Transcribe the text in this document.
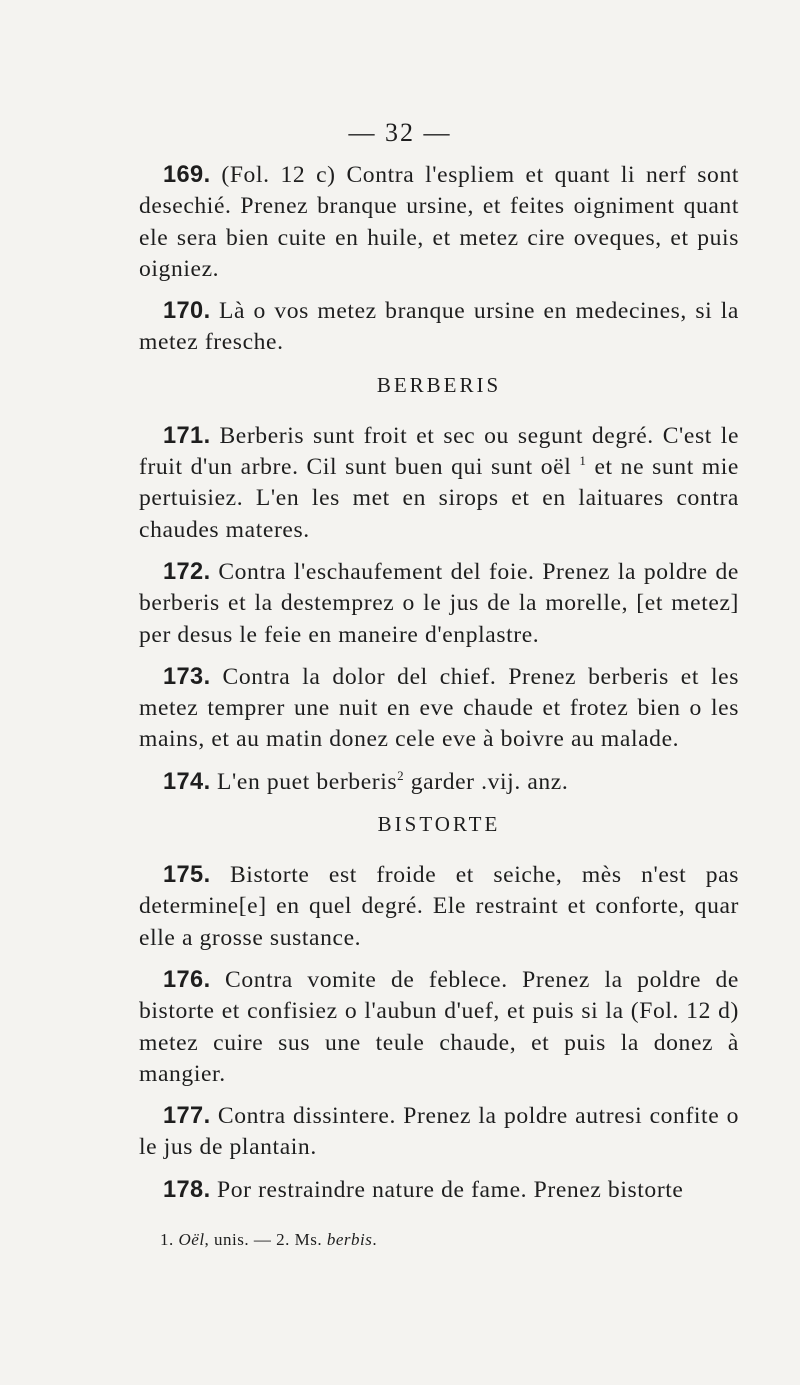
— 32 —

169. (Fol. 12 c) Contra l'espliem et quant li nerf sont desechié. Prenez branque ursine, et feites oigniment quant ele sera bien cuite en huile, et metez cire oveques, et puis oigniez.

170. Là o vos metez branque ursine en medecines, si la metez fresche.

BERBERIS

171. Berberis sunt froit et sec ou segunt degré. C'est le fruit d'un arbre. Cil sunt buen qui sunt oël $^1$ et ne sunt mie pertuisiez. L'en les met en sirops et en laituares contra chaudes materes.

172. Contra l'eschaufement del foie. Prenez la poldre de berberis et la destemprez o le jus de la morelle, [et metez] per desus le feie en maneire d'enplastre.

173. Contra la dolor del chief. Prenez berberis et les metez temprer une nuit en eve chaude et frotez bien o les mains, et au matin donez cele eve à boivre au malade.

174. L'en puet berberis$^2$ garder .vij. anz.

BISTORTE

175. Bistorte est froide et seiche, mès n'est pas determine[e] en quel degré. Ele restraint et conforte, quar elle a grosse sustance.

176. Contra vomite de feblece. Prenez la poldre de bistorte et confisiez o l'aubun d'uef, et puis si la (Fol. 12 d) metez cuire sus une teule chaude, et puis la donez à mangier.

177. Contra dissintere. Prenez la poldre autresi confite o le jus de plantain.

178. Por restraindre nature de fame. Prenez bistorte

1. Oël, unis. — 2. Ms. berbis.
